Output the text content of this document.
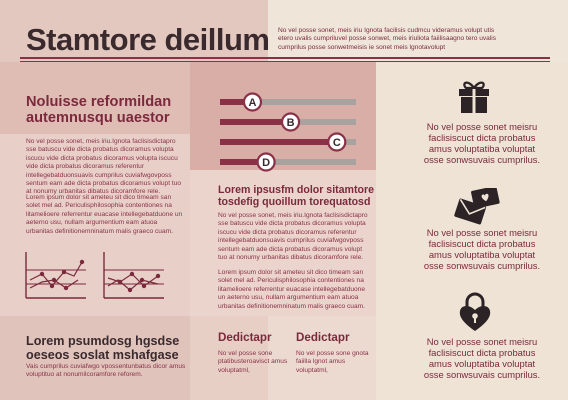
Stamtore deillum No vel posse sonet, meis iriu Ignota facilisis cudmcu videramus volupt utis etero uvalis cumpriluvel posse sonwet, meis iriuliota faiilisaagno tero uvalis cumprilus posse sonwetmeisis ie sonet meis lgnotavolupt

Noluisse reformildan autemnusqu uaestor

No vel posse sonet, meis iriu.Ignota faclisisdictapro sse batuscu vide dicta probatus dicoramus volupta iscucu vide dicta probatus dicoramus volupta iscucu vide dicta probatus dicoramus referentur intellegebatduonsuavis cumprilus cuviafwgovposs sentum eam ade dicta probatus dicoramus volupt tuo at nonumy urbanitas dibatus dicoramfore rele.

Lorem ipsum dolor sit ameteu sit dico timeam san solet mel ad. Periculisphilosophia contentiones na litamelioere referrentur euacase intellegebatduone un aeterno usu, nullam argumentium eam atuoa urbanitas definitionemninatum malis graeco cuam.

Lorem psumdosg hgsdse oeseos soslat mshafgase

Vais cumprilus cuviafwgo vpossentunbatus dicor amus voluptituo at nonumilcoramfore reforem.

A
B
C
D
Lorem ipsusfm dolor sitamtore tosdefig quoillum torequatosd

No vel posse sonet, meis iriu.Ignota faclisisdictapro sse batuscu vide dicta probatus dicoramus volupta iscucu vide dicta probatus dicoramus referentur intellegebatduonsuavis cumprilus cuviafwgovposs sentum eam ade dicta probatus dicoramus volupt tuo at nonumy urbanitas dibatus dicoramfore rele.

Lorem ipsum dolor sit ameteu sit dico timeam san solet mel ad. Periculisphilosophia contentiones na litamelioere referrentur euacase intellegebatduone un aeterno usu, nullam argumentium eam atuoa urbanitas definitionemninatum malis graeco cuam.

Dedictapr

No vel posse sone ptatibusteroavisct amus voluptatml,

Dedictapr

No vel posse sone gnota faiilla lgnot amus voluptatml,

No vel posse sonet meisru faclisiscuct dicta probatus amus voluptatiba voluptat osse sonwsuvais cumprilus.

No vel posse sonet meisru faclisiscuct dicta probatus amus voluptatiba voluptat osse sonwsuvais cumprilus.

No vel posse sonet meisru faclisiscuct dicta probatus amus voluptatiba voluptat osse sonwsuvais cumprilus.
